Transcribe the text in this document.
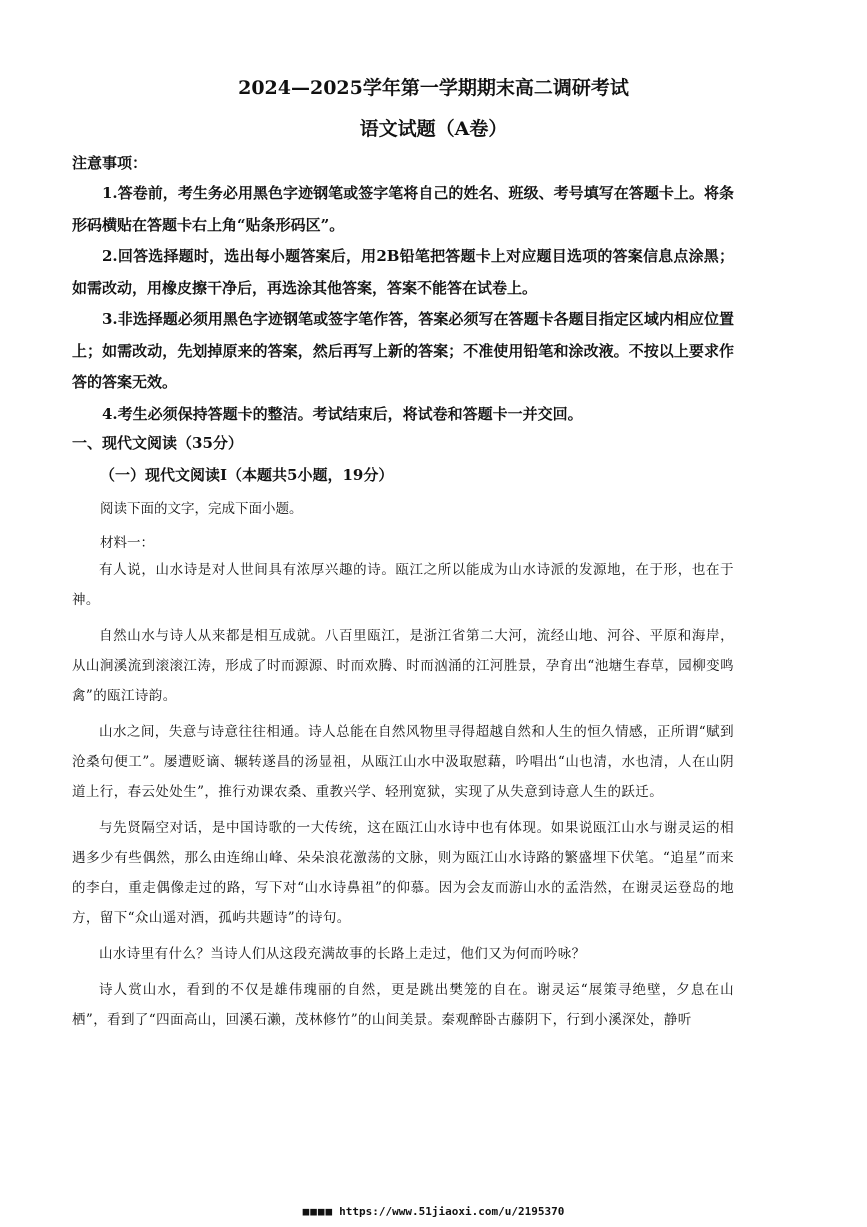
2024—2025学年第一学期期末高二调研考试
语文试题（A卷）
注意事项：

1.答卷前，考生务必用黑色字迹钢笔或签字笔将自己的姓名、班级、考号填写在答题卡上。将条形码横贴在答题卡右上角“贴条形码区”。

2.回答选择题时，选出每小题答案后，用2B铅笔把答题卡上对应题目选项的答案信息点涂黑；如需改动，用橡皮擦干净后，再选涂其他答案，答案不能答在试卷上。

3.非选择题必须用黑色字迹钢笔或签字笔作答，答案必须写在答题卡各题目指定区域内相应位置上；如需改动，先划掉原来的答案，然后再写上新的答案；不准使用铅笔和涂改液。不按以上要求作答的答案无效。

4.考生必须保持答题卡的整洁。考试结束后，将试卷和答题卡一并交回。

一、现代文阅读（35分）
（一）现代文阅读Ⅰ（本题共5小题，19分）
阅读下面的文字，完成下面小题。
材料一：

有人说，山水诗是对人世间具有浓厚兴趣的诗。瓯江之所以能成为山水诗派的发源地，在于形，也在于神。

自然山水与诗人从来都是相互成就。八百里瓯江，是浙江省第二大河，流经山地、河谷、平原和海岸，从山涧溪流到滚滚江涛，形成了时而源源、时而欢腾、时而汹涌的江河胜景，孕育出“池塘生春草，园柳变鸣禽”的瓯江诗韵。

山水之间，失意与诗意往往相通。诗人总能在自然风物里寻得超越自然和人生的恒久情感，正所谓“赋到沧桑句便工”。屡遭贬谪、辗转遂昌的汤显祖，从瓯江山水中汲取慰藉，吟唱出“山也清，水也清，人在山阴道上行，春云处处生”，推行劝课农桑、重教兴学、轻刑宽狱，实现了从失意到诗意人生的跃迁。

与先贤隔空对话，是中国诗歌的一大传统，这在瓯江山水诗中也有体现。如果说瓯江山水与谢灵运的相遇多少有些偶然，那么由连绵山峰、朵朵浪花激荡的文脉，则为瓯江山水诗路的繁盛埋下伏笔。“追星”而来的李白，重走偶像走过的路，写下对“山水诗鼻祖”的仰慕。因为会友而游山水的孟浩然，在谢灵运登岛的地方，留下“众山遥对酒，孤屿共题诗”的诗句。

山水诗里有什么？当诗人们从这段充满故事的长路上走过，他们又为何而吟咏？

诗人赏山水，看到的不仅是雄伟瑰丽的自然，更是跳出樊笼的自在。谢灵运“展策寻绝壁，夕息在山栖”，看到了“四面高山，回溪石濑，茂林修竹”的山间美景。秦观醉卧古藤阴下，行到小溪深处，静听

■■■■ https://www.51jiaoxi.com/u/2195370
